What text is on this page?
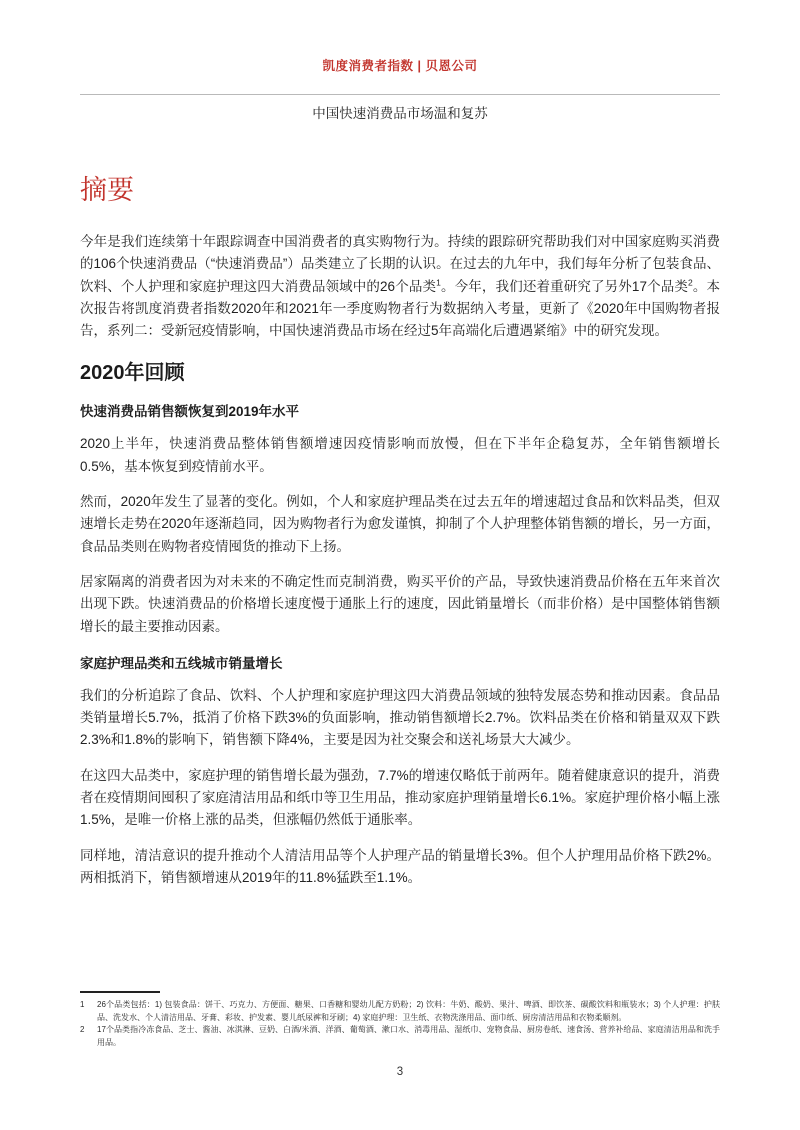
凯度消费者指数 | 贝恩公司
中国快速消费品市场温和复苏
摘要

今年是我们连续第十年跟踪调查中国消费者的真实购物行为。持续的跟踪研究帮助我们对中国家庭购买消费的106个快速消费品（“快速消费品”）品类建立了长期的认识。在过去的九年中，我们每年分析了包装食品、饮料、个人护理和家庭护理这四大消费品领域中的26个品类$^1$。今年，我们还着重研究了另外17个品类$^2$。本次报告将凯度消费者指数2020年和2021年一季度购物者行为数据纳入考量，更新了《2020年中国购物者报告，系列二：受新冠疫情影响，中国快速消费品市场在经过5年高端化后遭遇紧缩》中的研究发现。

2020年回顾
快速消费品销售额恢复到2019年水平

2020上半年，快速消费品整体销售额增速因疫情影响而放慢，但在下半年企稳复苏，全年销售额增长0.5%，基本恢复到疫情前水平。

然而，2020年发生了显著的变化。例如，个人和家庭护理品类在过去五年的增速超过食品和饮料品类，但双速增长走势在2020年逐渐趋同，因为购物者行为愈发谨慎，抑制了个人护理整体销售额的增长，另一方面，食品品类则在购物者疫情囤货的推动下上扬。

居家隔离的消费者因为对未来的不确定性而克制消费，购买平价的产品，导致快速消费品价格在五年来首次出现下跌。快速消费品的价格增长速度慢于通胀上行的速度，因此销量增长（而非价格）是中国整体销售额增长的最主要推动因素。

家庭护理品类和五线城市销量增长

我们的分析追踪了食品、饮料、个人护理和家庭护理这四大消费品领域的独特发展态势和推动因素。食品品类销量增长5.7%，抵消了价格下跌3%的负面影响，推动销售额增长2.7%。饮料品类在价格和销量双双下跌2.3%和1.8%的影响下，销售额下降4%，主要是因为社交聚会和送礼场景大大减少。

在这四大品类中，家庭护理的销售增长最为强劲，7.7%的增速仅略低于前两年。随着健康意识的提升，消费者在疫情期间囤积了家庭清洁用品和纸巾等卫生用品，推动家庭护理销量增长6.1%。家庭护理价格小幅上涨1.5%，是唯一价格上涨的品类，但涨幅仍然低于通胀率。

同样地，清洁意识的提升推动个人清洁用品等个人护理产品的销量增长3%。但个人护理用品价格下跌2%。两相抵消下，销售额增速从2019年的11.8%猛跌至1.1%。

1	26个品类包括：1) 包装食品：饼干、巧克力、方便面、糖果、口香糖和婴幼儿配方奶粉；2) 饮料：牛奶、酸奶、果汁、啤酒、即饮茶、碳酸饮料和瓶装水；3) 个人护理：护肤品、洗发水、个人清洁用品、牙膏、彩妆、护发素、婴儿纸尿裤和牙刷；4) 家庭护理：卫生纸、衣物洗涤用品、面巾纸、厨房清洁用品和衣物柔顺剂。
2	17个品类指冷冻食品、芝士、酱油、冰淇淋、豆奶、白酒/米酒、洋酒、葡萄酒、漱口水、消毒用品、湿纸巾、宠物食品、厨房卷纸、速食汤、营养补给品、家庭清洁用品和洗手用品。
3
